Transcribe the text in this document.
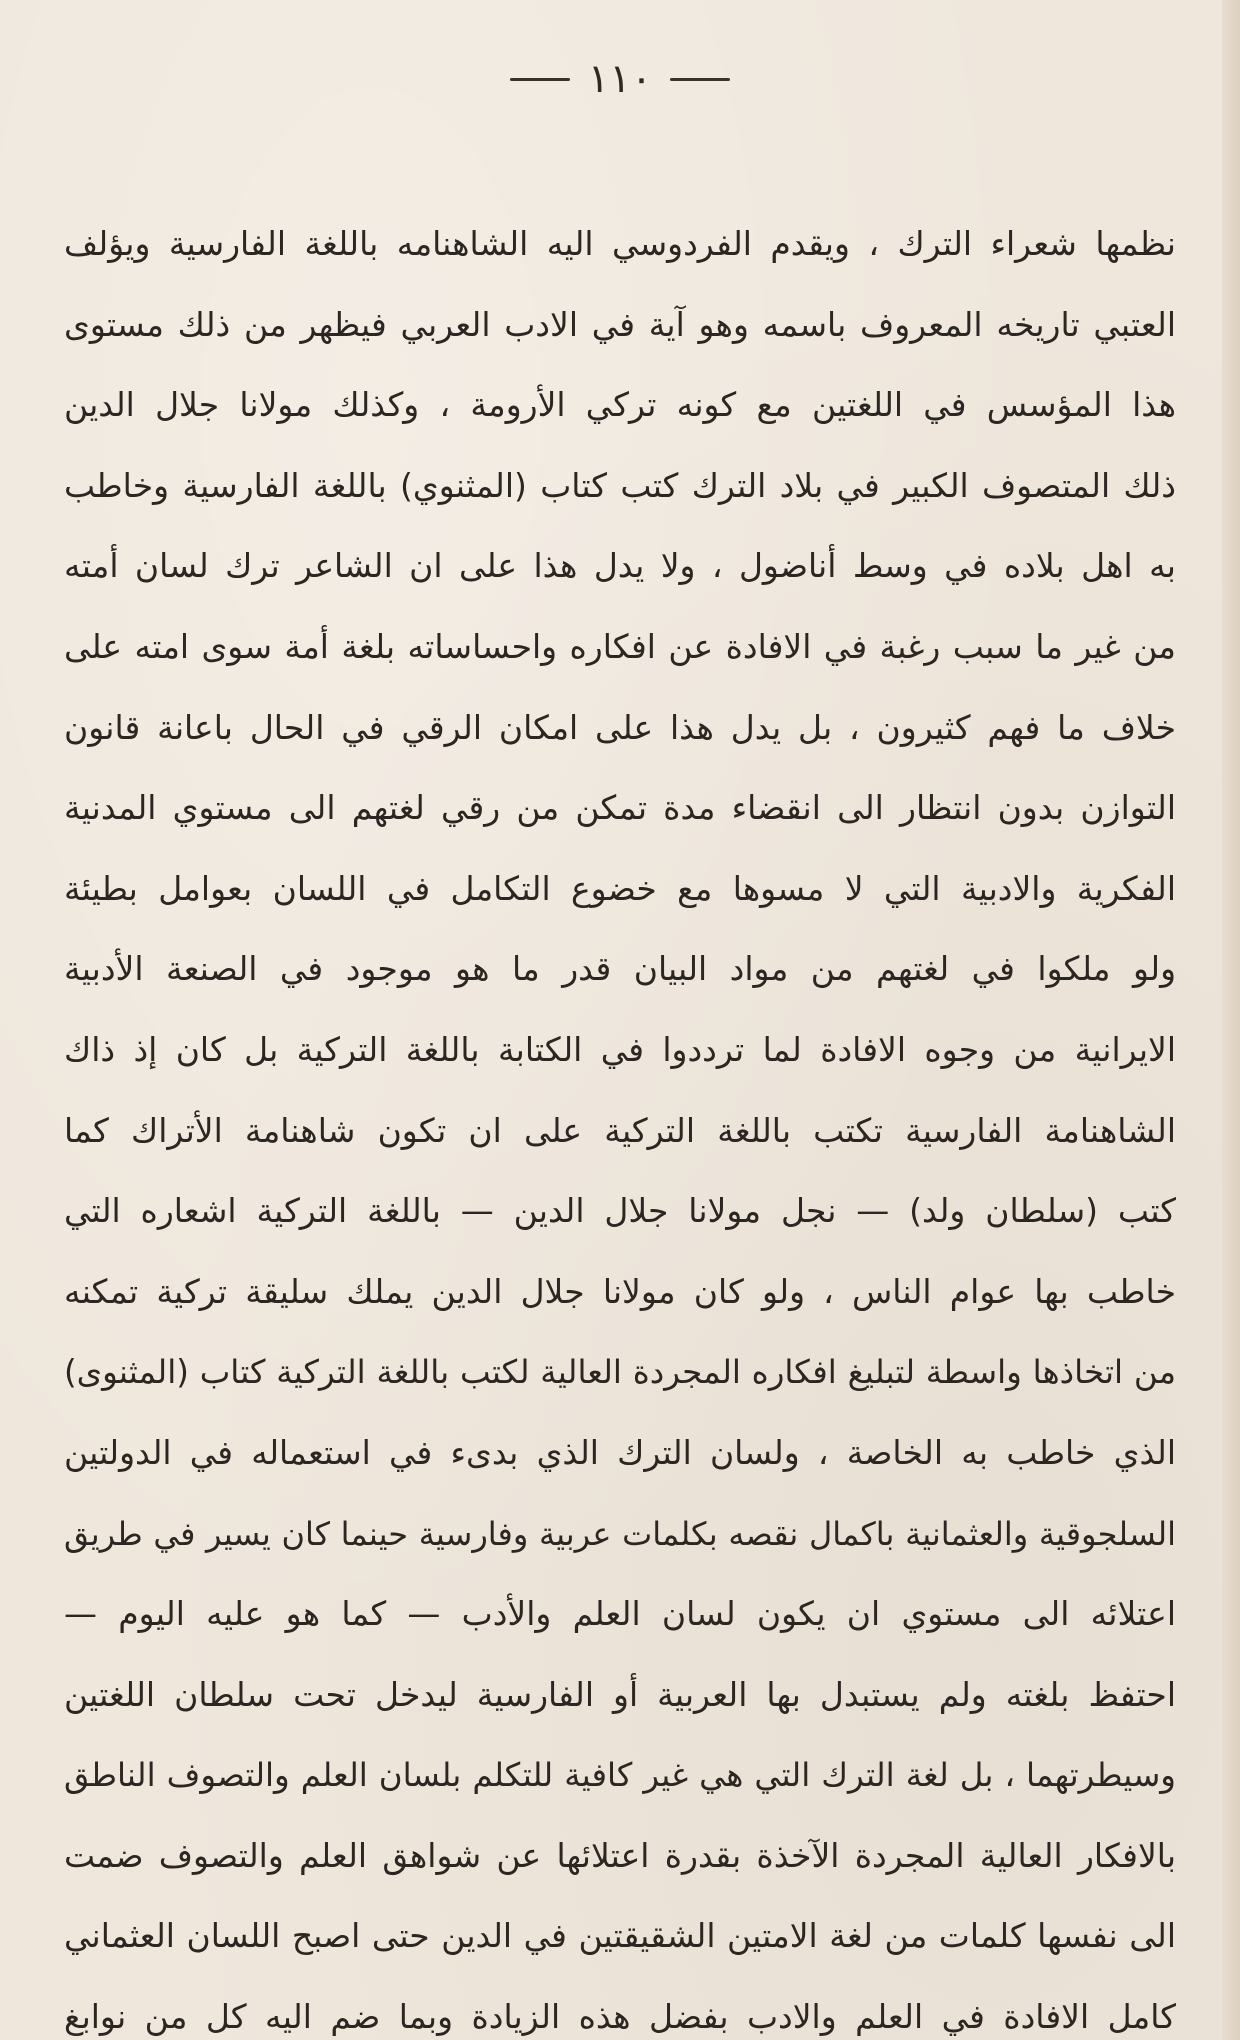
١١٠
نظمها شعراء الترك ، ويقدم الفردوسي اليه الشاهنامه باللغة الفارسية ويؤلف
العتبي تاريخه المعروف باسمه وهو آية في الادب العربي فيظهر من ذلك مستوى
هذا المؤسس في اللغتين مع كونه تركي الأرومة ، وكذلك مولانا جلال الدين
ذلك المتصوف الكبير في بلاد الترك كتب كتاب (المثنوي) باللغة الفارسية وخاطب
به اهل بلاده في وسط أناضول ، ولا يدل هذا على ان الشاعر ترك لسان أمته
من غير ما سبب رغبة في الافادة عن افكاره واحساساته بلغة أمة سوى امته على
خلاف ما فهم كثيرون ، بل يدل هذا على امكان الرقي في الحال باعانة قانون
التوازن بدون انتظار الى انقضاء مدة تمكن من رقي لغتهم الى مستوي المدنية
الفكرية والادبية التي لا مسوها مع خضوع التكامل في اللسان بعوامل بطيئة
ولو ملكوا في لغتهم من مواد البيان قدر ما هو موجود في الصنعة الأدبية
الايرانية من وجوه الافادة لما ترددوا في الكتابة باللغة التركية بل كان إذ ذاك
الشاهنامة الفارسية تكتب باللغة التركية على ان تكون شاهنامة الأتراك كما
كتب (سلطان ولد) — نجل مولانا جلال الدين — باللغة التركية اشعاره التي
خاطب بها عوام الناس ، ولو كان مولانا جلال الدين يملك سليقة تركية تمكنه
من اتخاذها واسطة لتبليغ افكاره المجردة العالية لكتب باللغة التركية كتاب (المثنوى)
الذي خاطب به الخاصة ، ولسان الترك الذي بدىء في استعماله في الدولتين
السلجوقية والعثمانية باكمال نقصه بكلمات عربية وفارسية حينما كان يسير في طريق
اعتلائه الى مستوي ان يكون لسان العلم والأدب — كما هو عليه اليوم —
احتفظ بلغته ولم يستبدل بها العربية أو الفارسية ليدخل تحت سلطان اللغتين
وسيطرتهما ، بل لغة الترك التي هي غير كافية للتكلم بلسان العلم والتصوف الناطق
بالافكار العالية المجردة الآخذة بقدرة اعتلائها عن شواهق العلم والتصوف ضمت
الى نفسها كلمات من لغة الامتين الشقيقتين في الدين حتى اصبح اللسان العثماني
كامل الافادة في العلم والادب بفضل هذه الزيادة وبما ضم اليه كل من نوابغ
